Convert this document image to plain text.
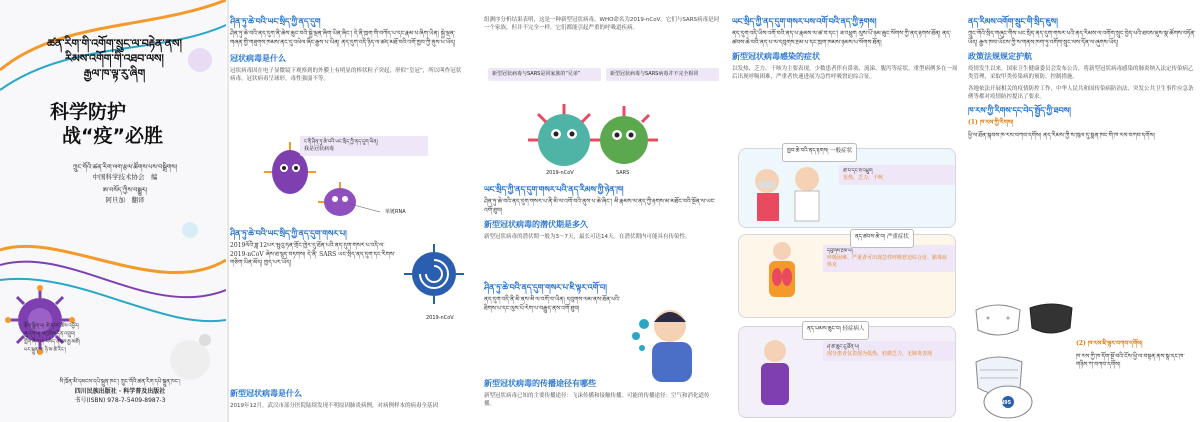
ཚན་རིག་གི་འགོག་སྲུང་ལ་བརྟེན་ནས།
རིམས་འགོག་གི་འཐབ་ལས།
རྒྱལ་ཁ་ལྟ་རུ་ཞིག
科学防护
战“疫”必胜
ཀྲུང་གོའི་ཚན་རིག་ལག་རྩལ་ཚོགས་པས་བསྒྲིགས།
中国科学技术协会　编
ཨ་བསོད་ཀྱིས་བསྒྱུར།
阿旦加　翻译
རྩོམ་སྒྲིག་པ། ཚེ་དབང་ཆོས་འབྱོར།
ཞུ་དག་པ། བཀྲ་ཤིས་དོན་འགྲུབ།
ཀློག་ཞིབ་པ། བསོད་ནམས་རྒྱ་མཚོ།
པར་སྐྲུན་པ། ཉི་མ་ཚེ་རིང་།
སི་ཁྲོན་མི་དམངས་དཔེ་སྐྲུན་ཁང་། ཀྲུང་གོའི་ཚན་རིག་དཔེ་སྐྲུན་ཁང་།
四川民族出版社 · 科学普及出版社
书号(ISBN) 978-7-5409-8987-3
ཤིན་ཏུ་ཆེ་བའི་ཡང་སྲིད་ཀྱི་ནད་དུག
ཤིན་ཏུ་ཆེ་བའི་ནད་དུག་ནི་ཆེས་ཆུང་བའི་སྐྱེ་ལྡན་ཞིག་ཡིན་ཞིང་། དེ་ནི་ཁྲག་གི་བཀོད་པ་དང་རྣམ་པ་ཞིག་ཡིན། སྐྱེ་ལྡན་གཞན་གྱི་གཟུགས་ཁམས་ནང་དུ་འཕེལ་ཞིང་རྒྱས་པ་ཡིན། ནད་དུག་འདི་ཉིད་ལ་ཚད་མཐོ་བའི་འགོ་ཁྱབ་ཀྱི་ནུས་པ་ཡོད།
冠状病毒是什么
冠状病毒因在电子显微镜下观察到的外膜上有明显的棒状粒子突起，形似“皇冠”，所以叫作冠状病毒。冠状病毒呈球形，毒性强弱不等。
ང་ནི་ཤིན་ཏུ་ཆེ་བའི་ཡང་སྲིད་ཀྱི་ནད་དུག་ཡིན།
我是冠状病毒
单链RNA
ཤིན་ཏུ་ཆེ་བའི་ཡང་སྲིད་ཀྱི་ནད་དུག་གསར་པ།
2019ལོའི་ཟླ་12པར་ཝུའུ་ཧན་གྲོང་ཁྱེར་དུ་ཐོན་པའི་ནད་དུག་གསར་པ་འདི་ལ་ 2019-nCoV ཞེས་ཐ་སྙད་བཏགས། དེ་ནི་ SARS ཡང་སྲིད་ནད་དུག་དང་རིགས་གཅིག་ཡིན་མོད། ཁྱད་པར་ཡོད།
2019-nCoV
新型冠状病毒是什么
2019年12月，武汉市部分医院陆续发现不明原因肺炎病例，对病例样本的病毒全基因
组测序分析结果表明，这是一种新型冠状病毒，WHO命名为2019-nCoV。它们与SARS病毒是同一个家族，但并不完全一样。它们都能引起严重的呼吸道疾病。
新型冠状病毒与SARS是同家族的“兄弟”	新型冠状病毒与SARS病毒并不完全相同
2019-nCoV	SARS
ཡང་སྲིད་ཀྱི་ནད་དུག་གསར་པའི་ནད་རིམས་ཀྱི་ཉེན་ཁ།
ཤིན་ཏུ་ཆེ་བའི་ནད་དུག་གསར་པ་ནི་མི་ལ་འགོ་བའི་ནུས་པ་ཆེ་ཞིང་། མི་རྣམས་ལ་ནད་ཀྱི་རྟགས་མ་མཐོང་བའི་སྔོན་ལ་ཡང་འགོ་ཐུབ།
新型冠状病毒的潜伏期是多久
新型冠状病毒的潜伏期一般为3～7天，最长可达14天。在潜伏期内可能具有传染性。
ཤིན་ཏུ་ཆེ་བའི་ནད་དུག་གསར་པ་ཇི་ལྟར་འགོ་བ།
ནད་དུག་འདི་ནི་མི་ནས་མི་ལ་འགོ་བ་ཡིན། དབུགས་ལམ་ནས་ཐོན་པའི་ཐིགས་པ་དང་ལུས་པོ་རེག་པ་བརྒྱུད་ནས་འགོ་ཐུབ།
新型冠状病毒的传播途径有哪些
新型冠状病毒已知的主要传播途径：飞沫传播和接触传播。可能的传播途径：空气和消化道传播。
ཡང་སྲིད་ཀྱི་ནད་དུག་གསར་པས་འགོ་བའི་ནད་ཀྱི་རྟགས།
ནད་དུག་འདི་ཡིས་འགོ་བའི་ནད་པ་རྣམས་ལ་ཚ་བ་དང་། ཟ་འཕྲུག ལུས་པོ་ཉམ་ཆུང་སོགས་ཀྱི་ནད་རྟགས་ཐོན། ནད་ཚབས་ཆེ་བའི་ནད་པ་ལ་དབུགས་རྔམ་པ་དང་ཁྲག་ཁམས་ཉམས་པ་སོགས་ཐོན།
新型冠状病毒感染的症状
以发热、乏力、干咳为主要表现，少数患者伴有鼻塞、流涕、腹泻等症状。重型病例多在一周后出现呼吸困难，严重者快速进展为急性呼吸窘迫综合征。
ཚ་བ་དང་ཟ་འཕྲུག
发热、乏力、干咳
ཁྱབ་ཆེ་བའི་ནད་རྟགས། 一般症状
དབུགས་རྔམ་པ།
呼吸困难、严重者可出现急性呼吸窘迫综合征、脓毒症休克
ནད་ཚབས་ཆེ་བ། 严重症状
ཤ་ཚ་ཆུང་ངུ་ཐོན་པ།
部分患者仅表现为低热、轻微乏力，无肺炎表现
ནད་ཡམས་ཆུང་བ། 轻症病人
ནད་རིམས་འགོག་སྲུང་གི་སྲིད་ཇུས།
ཀྲུང་གོའི་སྲིད་གཞུང་གིས་ཡང་སྲིད་ནད་དུག་གསར་པའི་ནད་རིམས་ལ་འགོག་སྲུང་བྱེད་པའི་ཐབས་ཇུས་སྣ་ཚོགས་བཏོན་ཡོད། རྒྱལ་ཁབ་ཡོངས་ཀྱི་ས་གནས་ཁག་ཏུ་འགོག་སྲུང་ལས་དོན་ལ་ཞུགས་ཡོད།
政策法规规定护航
疫情发生以来，国家卫生健康委员会发布公告，将新型冠状病毒感染的肺炎纳入法定传染病乙类管理，采取甲类传染病的预防、控制措施。
各地依法开展相关的疫情防控工作，中华人民共和国传染病防治法、突发公共卫生事件应急条例等都对疫情防控提出了要求。
ཁ་རས་ཀྱི་རིགས་དང་བེད་སྤྱོད་ཀྱི་ཐབས།
(1) ཁ་རས་ཀྱི་རིགས།
ཕྱི་ལ་ཐོན་སྐབས་ཁ་རས་བཀབ་དགོས། ནད་རིམས་ཀྱི་ས་ཁུལ་དུ་སྨན་ཁང་གི་ཁ་རས་བཀབ་དགོས།
N95
(2) ཁ་རས་ཇི་ལྟར་བཀབ་དགོས།
ཁ་རས་ཀྱི་ཁ་དོག་སྔོ་བའི་ངོས་ཕྱི་ལ་བསྟན་ནས་སྣ་དང་ཁ་གཉིས་ཀ་བཀབ་དགོས།
